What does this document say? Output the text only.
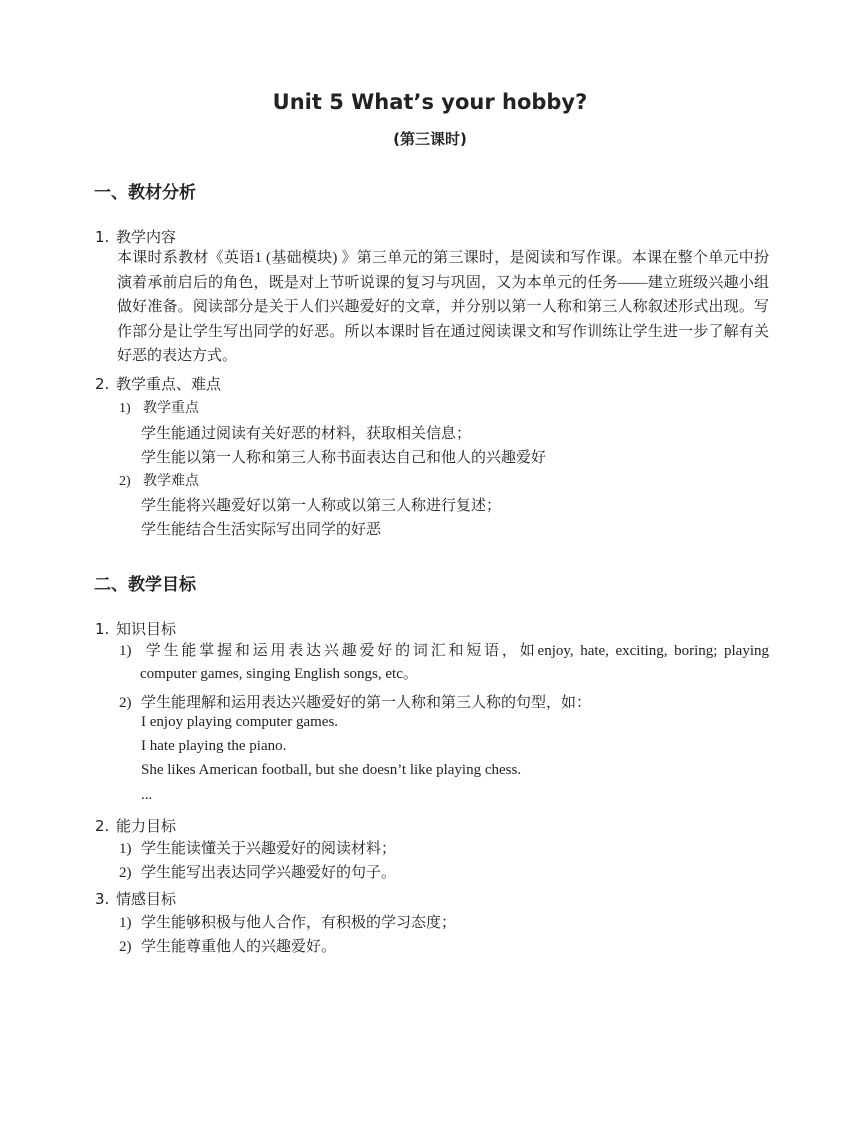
Unit 5 What’s your hobby?
(第三课时)
一、教材分析
1. 教学内容
本课时系教材《英语1 (基础模块) 》第三单元的第三课时，是阅读和写作课。本课在整个单元中扮演着承前启后的角色，既是对上节听说课的复习与巩固，又为本单元的任务——建立班级兴趣小组做好准备。阅读部分是关于人们兴趣爱好的文章，并分别以第一人称和第三人称叙述形式出现。写作部分是让学生写出同学的好恶。所以本课时旨在通过阅读课文和写作训练让学生进一步了解有关好恶的表达方式。
2. 教学重点、难点
1) 教学重点
学生能通过阅读有关好恶的材料，获取相关信息；
学生能以第一人称和第三人称书面表达自己和他人的兴趣爱好
2) 教学难点
学生能将兴趣爱好以第一人称或以第三人称进行复述；
学生能结合生活实际写出同学的好恶
二、教学目标
1. 知识目标
1) 学生能掌握和运用表达兴趣爱好的词汇和短语，如enjoy, hate, exciting, boring; playing
computer games, singing English songs, etc。
2) 学生能理解和运用表达兴趣爱好的第一人称和第三人称的句型，如：
I enjoy playing computer games.
I hate playing the piano.
She likes American football, but she doesn’t like playing chess.
...
2. 能力目标
1) 学生能读懂关于兴趣爱好的阅读材料；
2) 学生能写出表达同学兴趣爱好的句子。
3. 情感目标
1) 学生能够积极与他人合作，有积极的学习态度；
2) 学生能尊重他人的兴趣爱好。
